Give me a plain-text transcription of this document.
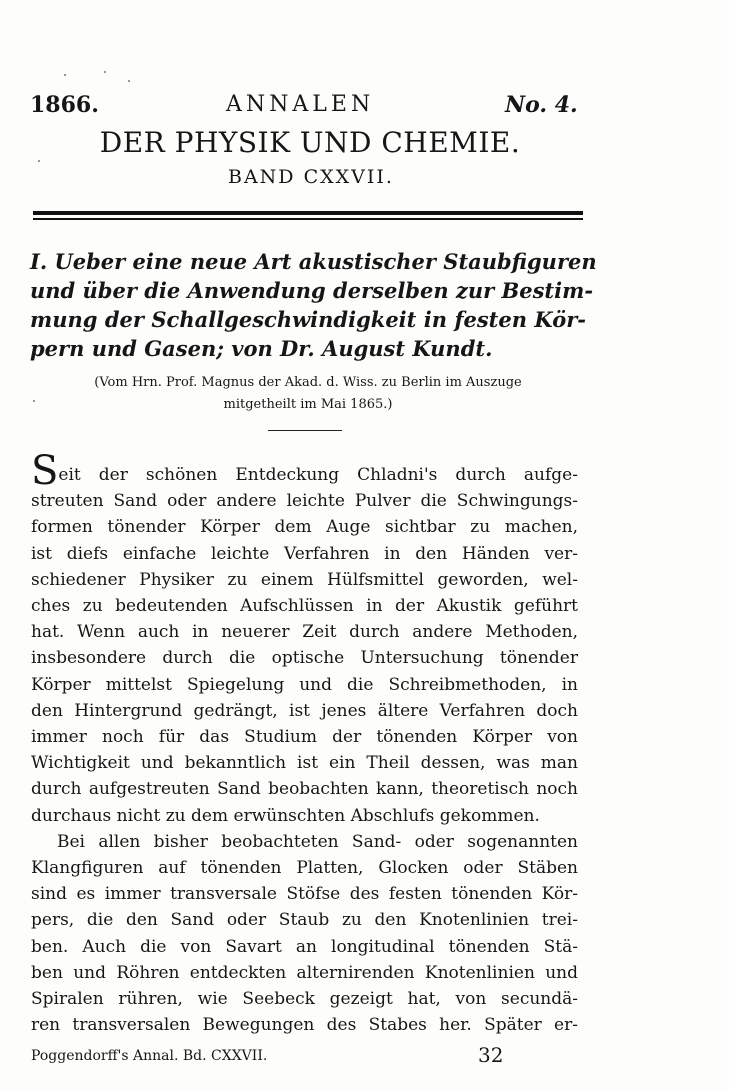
1866.	ANNALEN	No. 4.
DER PHYSIK UND CHEMIE.
BAND CXXVII.
I. Ueber eine neue Art akustischer Staubfiguren
und über die Anwendung derselben zur Bestim-
mung der Schallgeschwindigkeit in festen Kör-
pern und Gasen; von Dr. August Kundt.
(Vom Hrn. Prof. Magnus der Akad. d. Wiss. zu Berlin im Auszuge
mitgetheilt im Mai 1865.)
Seit der schönen Entdeckung Chladni's durch aufge-
streuten Sand oder andere leichte Pulver die Schwingungs-
formen tönender Körper dem Auge sichtbar zu machen,
ist diefs einfache leichte Verfahren in den Händen ver-
schiedener Physiker zu einem Hülfsmittel geworden, wel-
ches zu bedeutenden Aufschlüssen in der Akustik geführt
hat. Wenn auch in neuerer Zeit durch andere Methoden,
insbesondere durch die optische Untersuchung tönender
Körper mittelst Spiegelung und die Schreibmethoden, in
den Hintergrund gedrängt, ist jenes ältere Verfahren doch
immer noch für das Studium der tönenden Körper von
Wichtigkeit und bekanntlich ist ein Theil dessen, was man
durch aufgestreuten Sand beobachten kann, theoretisch noch
durchaus nicht zu dem erwünschten Abschlufs gekommen.
Bei allen bisher beobachteten Sand- oder sogenannten
Klangfiguren auf tönenden Platten, Glocken oder Stäben
sind es immer transversale Stöfse des festen tönenden Kör-
pers, die den Sand oder Staub zu den Knotenlinien trei-
ben. Auch die von Savart an longitudinal tönenden Stä-
ben und Röhren entdeckten alternirenden Knotenlinien und
Spiralen rühren, wie Seebeck gezeigt hat, von secundä-
ren transversalen Bewegungen des Stabes her. Später er-
Poggendorff's Annal. Bd. CXXVII.	32
